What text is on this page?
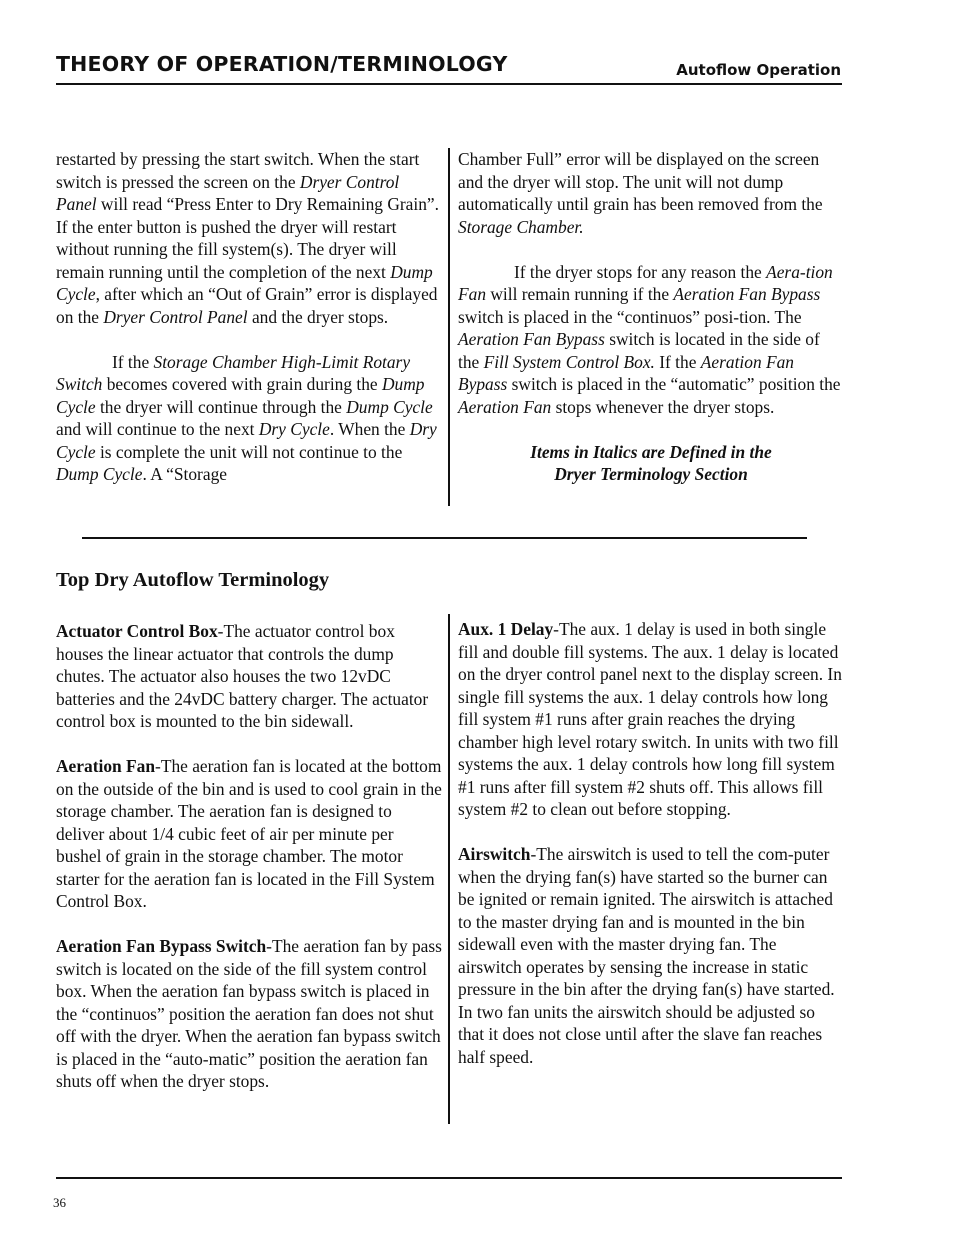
THEORY OF OPERATION/TERMINOLOGY	Autoflow Operation

restarted by pressing the start switch. When the start switch is pressed the screen on the Dryer Control Panel will read “Press Enter to Dry Remaining Grain”. If the enter button is pushed the dryer will restart without running the fill system(s). The dryer will remain running until the completion of the next Dump Cycle, after which an “Out of Grain” error is displayed on the Dryer Control Panel and the dryer stops.

If the Storage Chamber High-Limit Rotary Switch becomes covered with grain during the Dump Cycle the dryer will continue through the Dump Cycle and will continue to the next Dry Cycle. When the Dry Cycle is complete the unit will not continue to the Dump Cycle. A “Storage

Chamber Full” error will be displayed on the screen and the dryer will stop. The unit will not dump automatically until grain has been removed from the Storage Chamber.

If the dryer stops for any reason the Aera-tion Fan will remain running if the Aeration Fan Bypass switch is placed in the “continuos” posi-tion. The Aeration Fan Bypass switch is located in the side of the Fill System Control Box. If the Aeration Fan Bypass switch is placed in the “automatic” position the Aeration Fan stops whenever the dryer stops.

Items in Italics are Defined in the

Dryer Terminology Section

Top Dry Autoflow Terminology

Actuator Control Box-The actuator control box houses the linear actuator that controls the dump chutes. The actuator also houses the two 12vDC batteries and the 24vDC battery charger. The actuator control box is mounted to the bin sidewall.

Aeration Fan-The aeration fan is located at the bottom on the outside of the bin and is used to cool grain in the storage chamber. The aeration fan is designed to deliver about 1/4 cubic feet of air per minute per bushel of grain in the storage chamber. The motor starter for the aeration fan is located in the Fill System Control Box.

Aeration Fan Bypass Switch-The aeration fan by pass switch is located on the side of the fill system control box. When the aeration fan bypass switch is placed in the “continuos” position the aeration fan does not shut off with the dryer. When the aeration fan bypass switch is placed in the “auto-matic” position the aeration fan shuts off when the dryer stops.

Aux. 1 Delay-The aux. 1 delay is used in both single fill and double fill systems. The aux. 1 delay is located on the dryer control panel next to the display screen. In single fill systems the aux. 1 delay controls how long fill system #1 runs after grain reaches the drying chamber high level rotary switch. In units with two fill systems the aux. 1 delay controls how long fill system #1 runs after fill system #2 shuts off. This allows fill system #2 to clean out before stopping.

Airswitch-The airswitch is used to tell the com-puter when the drying fan(s) have started so the burner can be ignited or remain ignited. The airswitch is attached to the master drying fan and is mounted in the bin sidewall even with the master drying fan. The airswitch operates by sensing the increase in static pressure in the bin after the drying fan(s) have started. In two fan units the airswitch should be adjusted so that it does not close until after the slave fan reaches half speed.

36
